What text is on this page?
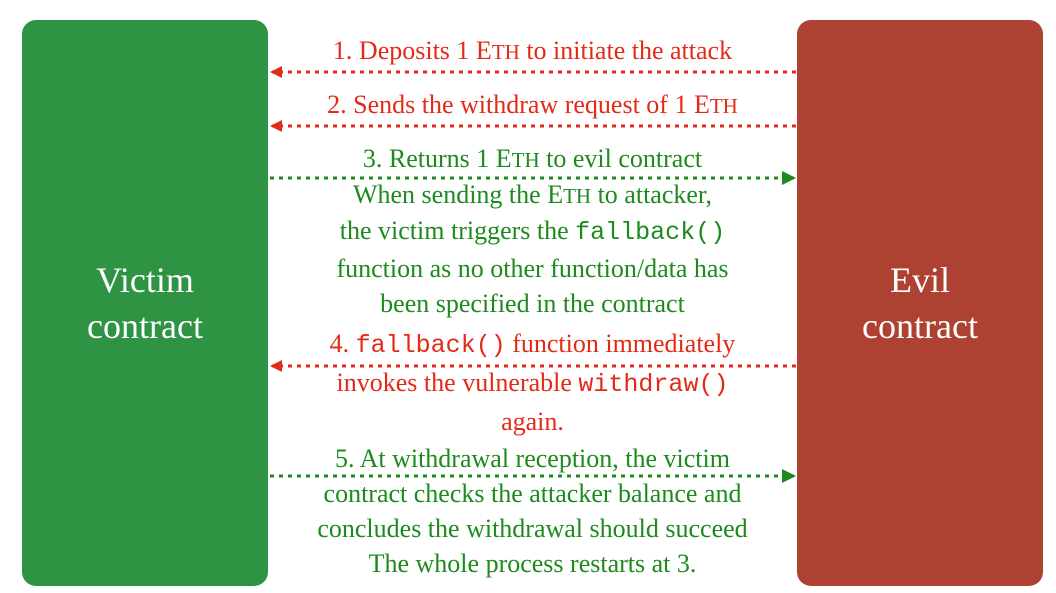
Victim
contract
Evil
contract
1. Deposits 1 ETH to initiate the attack
2. Sends the withdraw request of 1 ETH
3. Returns 1 ETH to evil contract
When sending the ETH to attacker,
the victim triggers the fallback()
function as no other function/data has
been specified in the contract
4. fallback() function immediately
invokes the vulnerable withdraw()
again.
5. At withdrawal reception, the victim
contract checks the attacker balance and
concludes the withdrawal should succeed
The whole process restarts at 3.
